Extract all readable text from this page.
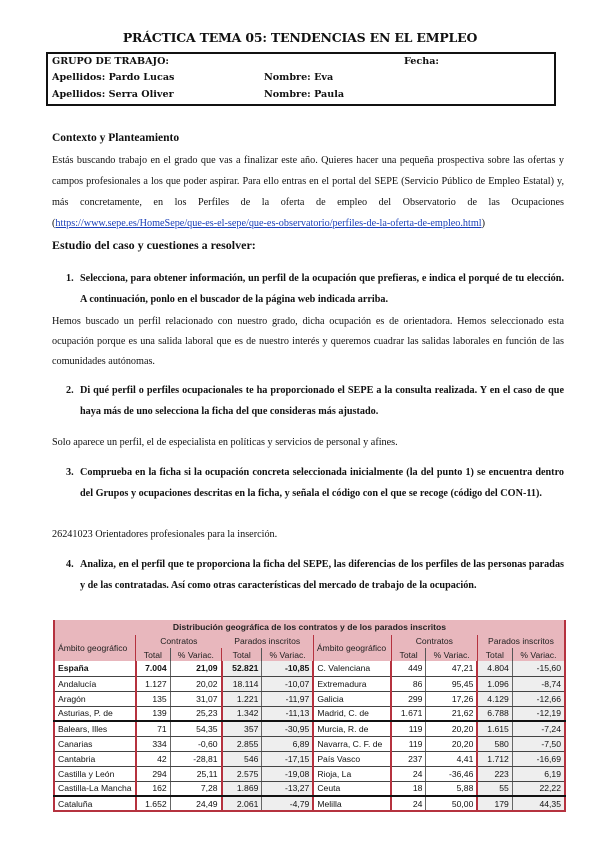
PRÁCTICA TEMA 05: TENDENCIAS EN EL EMPLEO
GRUPO DE TRABAJO:	Fecha:
Apellidos: Pardo Lucas	Nombre: Eva
Apellidos: Serra Oliver	Nombre: Paula
Contexto y Planteamiento
Estás buscando trabajo en el grado que vas a finalizar este año. Quieres hacer una pequeña prospectiva sobre las ofertas y campos profesionales a los que poder aspirar. Para ello entras en el portal del SEPE (Servicio Público de Empleo Estatal) y, más concretamente, en los Perfiles de la oferta de empleo del Observatorio de las Ocupaciones (https://www.sepe.es/HomeSepe/que-es-el-sepe/que-es-observatorio/perfiles-de-la-oferta-de-empleo.html)
Estudio del caso y cuestiones a resolver:
1. Selecciona, para obtener información, un perfil de la ocupación que prefieras, e indica el porqué de tu elección. A continuación, ponlo en el buscador de la página web indicada arriba.
Hemos buscado un perfil relacionado con nuestro grado, dicha ocupación es de orientadora. Hemos seleccionado esta ocupación porque es una salida laboral que es de nuestro interés y queremos cuadrar las salidas laborales en función de las comunidades autónomas.
2. Di qué perfil o perfiles ocupacionales te ha proporcionado el SEPE a la consulta realizada. Y en el caso de que haya más de uno selecciona la ficha del que consideras más ajustado.
Solo aparece un perfil, el de especialista en políticas y servicios de personal y afines.
3. Comprueba en la ficha si la ocupación concreta seleccionada inicialmente (la del punto 1) se encuentra dentro del Grupos y ocupaciones descritas en la ficha, y señala el código con el que se recoge (código del CON-11).
26241023 Orientadores profesionales para la inserción.
4. Analiza, en el perfil que te proporciona la ficha del SEPE, las diferencias de los perfiles de las personas paradas y de las contratadas. Así como otras características del mercado de trabajo de la ocupación.
Distribución geográfica de los contratos y de los parados inscritos									
Ámbito geográfico	Contratos		Parados inscritos		Ámbito geográfico	Contratos		Parados inscritos	
	Total	% Variac.	Total	% Variac.		Total	% Variac.	Total	% Variac.
España	7.004	21,09	52.821	-10,85	C. Valenciana	449	47,21	4.804	-15,60
Andalucía	1.127	20,02	18.114	-10,07	Extremadura	86	95,45	1.096	-8,74
Aragón	135	31,07	1.221	-11,97	Galicia	299	17,26	4.129	-12,66
Asturias, P. de	139	25,23	1.342	-11,13	Madrid, C. de	1.671	21,62	6.788	-12,19
Balears, Illes	71	54,35	357	-30,95	Murcia, R. de	119	20,20	1.615	-7,24
Canarias	334	-0,60	2.855	6,89	Navarra, C. F. de	119	20,20	580	-7,50
Cantabria	42	-28,81	546	-17,15	País Vasco	237	4,41	1.712	-16,69
Castilla y León	294	25,11	2.575	-19,08	Rioja, La	24	-36,46	223	6,19
Castilla-La Mancha	162	7,28	1.869	-13,27	Ceuta	18	5,88	55	22,22
Cataluña	1.652	24,49	2.061	-4,79	Melilla	24	50,00	179	44,35
